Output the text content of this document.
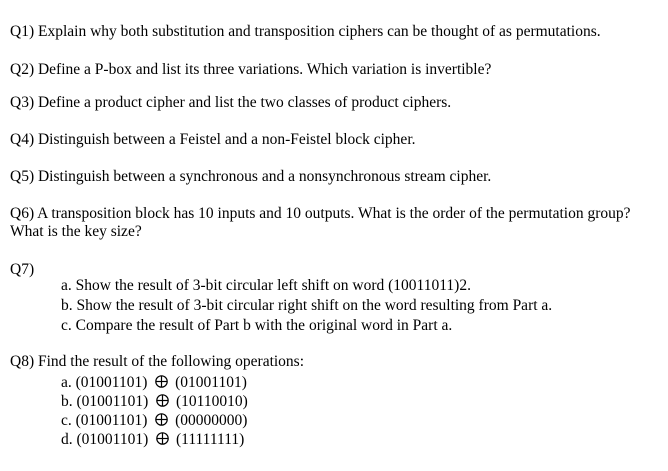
Q1) Explain why both substitution and transposition ciphers can be thought of as permutations.

Q2) Define a P-box and list its three variations. Which variation is invertible?

Q3) Define a product cipher and list the two classes of product ciphers.

Q4) Distinguish between a Feistel and a non-Feistel block cipher.

Q5) Distinguish between a synchronous and a nonsynchronous stream cipher.

Q6) A transposition block has 10 inputs and 10 outputs. What is the order of the permutation group? What is the key size?

Q7)

a. Show the result of 3-bit circular left shift on word (10011011)2.

b. Show the result of 3-bit circular right shift on the word resulting from Part a.

c. Compare the result of Part b with the original word in Part a.

Q8) Find the result of the following operations:

a. (01001101) (01001101)

b. (01001101) (10110010)

c. (01001101) (00000000)

d. (01001101) (11111111)
